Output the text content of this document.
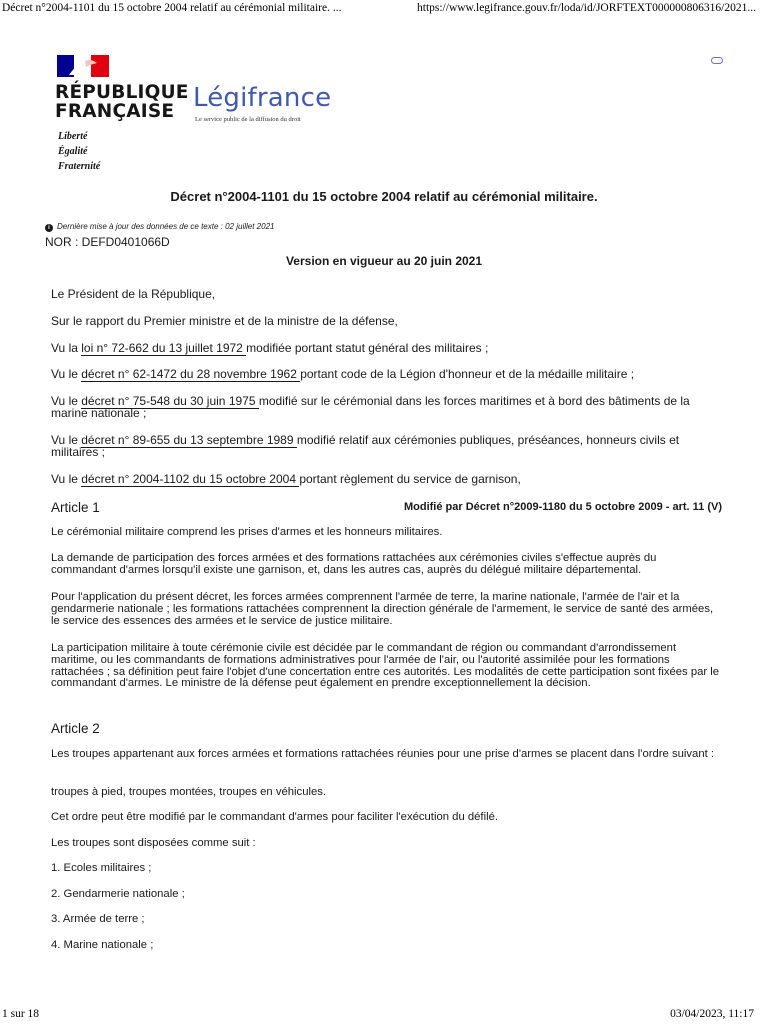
Décret n°2004-1101 du 15 octobre 2004 relatif au cérémonial militaire. ...	https://www.legifrance.gouv.fr/loda/id/JORFTEXT000000806316/2021...
RÉPUBLIQUE
FRANÇAISE
Liberté
Égalité
Fraternité
Légifrance
Le service public de la diffusion du droit
Décret n°2004-1101 du 15 octobre 2004 relatif au cérémonial militaire.
i Dernière mise à jour des données de ce texte : 02 juillet 2021
NOR : DEFD0401066D
Version en vigueur au 20 juin 2021

Le Président de la République,

Sur le rapport du Premier ministre et de la ministre de la défense,

Vu la loi n° 72-662 du 13 juillet 1972 modifiée portant statut général des militaires ;

Vu le décret n° 62-1472 du 28 novembre 1962 portant code de la Légion d'honneur et de la médaille militaire ;

Vu le décret n° 75-548 du 30 juin 1975 modifié sur le cérémonial dans les forces maritimes et à bord des bâtiments de la marine nationale ;

Vu le décret n° 89-655 du 13 septembre 1989 modifié relatif aux cérémonies publiques, préséances, honneurs civils et militaires ;

Vu le décret n° 2004-1102 du 15 octobre 2004 portant règlement du service de garnison,

Article 1	Modifié par Décret n°2009-1180 du 5 octobre 2009 - art. 11 (V)

Le cérémonial militaire comprend les prises d'armes et les honneurs militaires.

La demande de participation des forces armées et des formations rattachées aux cérémonies civiles s'effectue auprès du commandant d'armes lorsqu'il existe une garnison, et, dans les autres cas, auprès du délégué militaire départemental.

Pour l'application du présent décret, les forces armées comprennent l'armée de terre, la marine nationale, l'armée de l'air et la gendarmerie nationale ; les formations rattachées comprennent la direction générale de l'armement, le service de santé des armées, le service des essences des armées et le service de justice militaire.

La participation militaire à toute cérémonie civile est décidée par le commandant de région ou commandant d'arrondissement maritime, ou les commandants de formations administratives pour l'armée de l'air, ou l'autorité assimilée pour les formations rattachées ; sa définition peut faire l'objet d'une concertation entre ces autorités. Les modalités de cette participation sont fixées par le commandant d'armes. Le ministre de la défense peut également en prendre exceptionnellement la décision.

Article 2

Les troupes appartenant aux forces armées et formations rattachées réunies pour une prise d'armes se placent dans l'ordre suivant :

troupes à pied, troupes montées, troupes en véhicules.

Cet ordre peut être modifié par le commandant d'armes pour faciliter l'exécution du défilé.

Les troupes sont disposées comme suit :

1. Ecoles militaires ;

2. Gendarmerie nationale ;

3. Armée de terre ;

4. Marine nationale ;

1 sur 18	03/04/2023, 11:17
